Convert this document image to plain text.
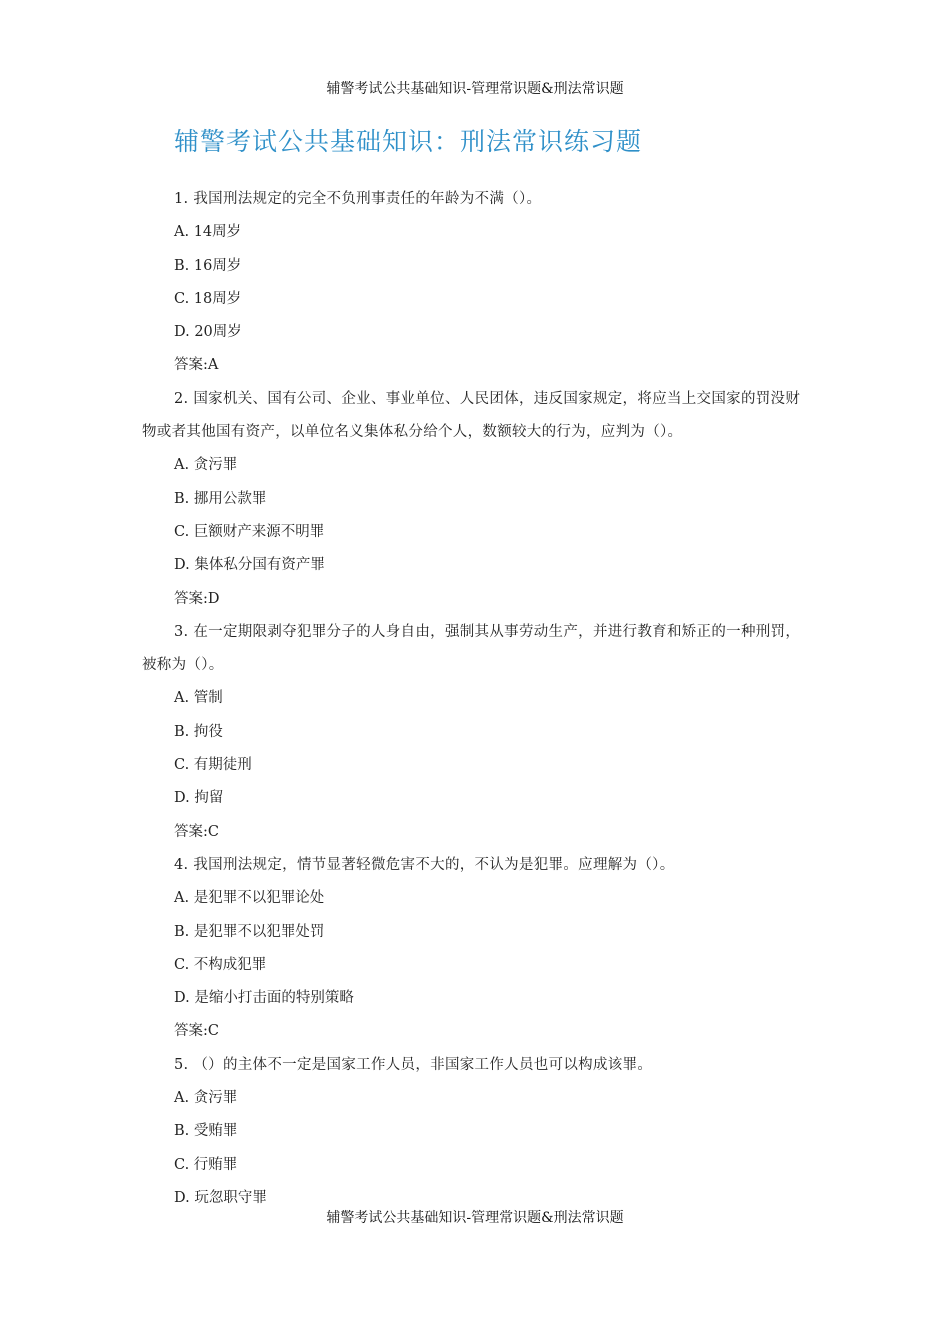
辅警考试公共基础知识-管理常识题&刑法常识题
辅警考试公共基础知识：刑法常识练习题
1. 我国刑法规定的完全不负刑事责任的年龄为不满（）。
A. 14周岁
B. 16周岁
C. 18周岁
D. 20周岁
答案:A
2. 国家机关、国有公司、企业、事业单位、人民团体，违反国家规定，将应当上交国家的罚没财物或者其他国有资产，以单位名义集体私分给个人，数额较大的行为，应判为（）。
A. 贪污罪
B. 挪用公款罪
C. 巨额财产来源不明罪
D. 集体私分国有资产罪
答案:D
3. 在一定期限剥夺犯罪分子的人身自由，强制其从事劳动生产，并进行教育和矫正的一种刑罚，被称为（）。
A. 管制
B. 拘役
C. 有期徒刑
D. 拘留
答案:C
4. 我国刑法规定，情节显著轻微危害不大的，不认为是犯罪。应理解为（）。
A. 是犯罪不以犯罪论处
B. 是犯罪不以犯罪处罚
C. 不构成犯罪
D. 是缩小打击面的特别策略
答案:C
5. （）的主体不一定是国家工作人员，非国家工作人员也可以构成该罪。
A. 贪污罪
B. 受贿罪
C. 行贿罪
D. 玩忽职守罪
辅警考试公共基础知识-管理常识题&刑法常识题
